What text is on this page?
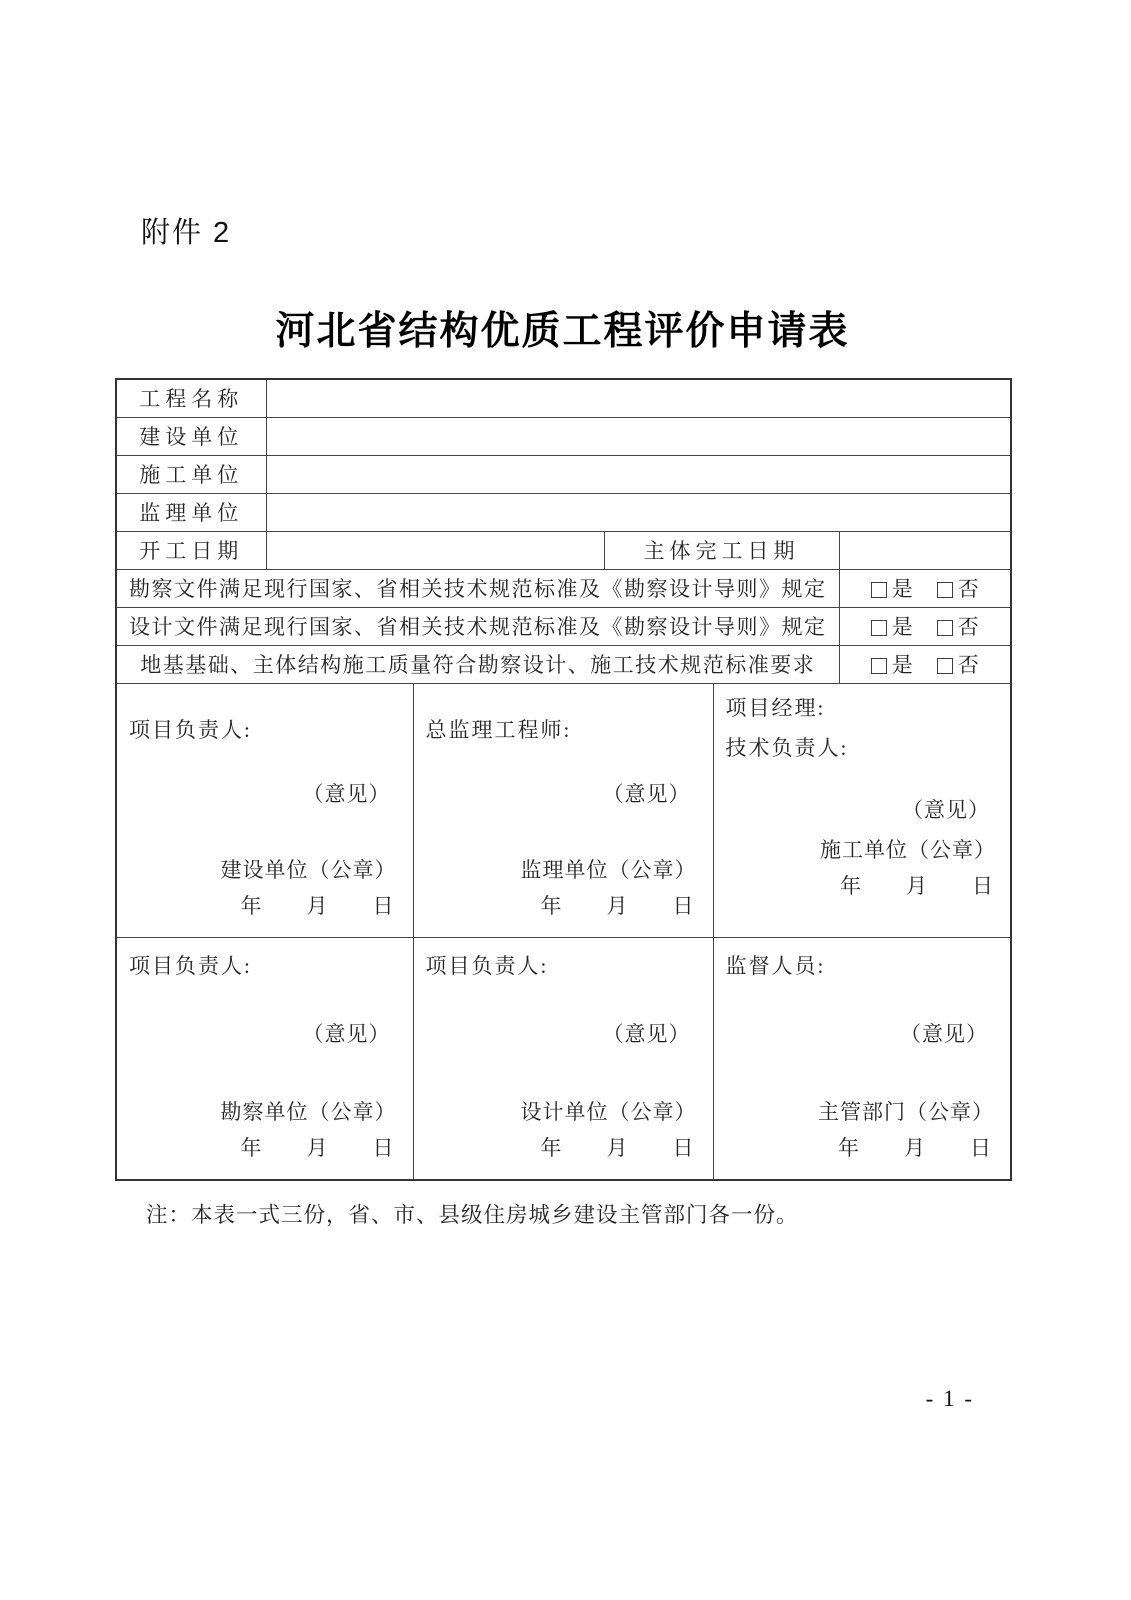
附件 2
河北省结构优质工程评价申请表
工程名称					
建设单位					
施工单位					
监理单位					
开工日期			主体完工日期		
勘察文件满足现行国家、省相关技术规范标准及《勘察设计导则》规定					是 否
设计文件满足现行国家、省相关技术规范标准及《勘察设计导则》规定					是 否
地基基础、主体结构施工质量符合勘察设计、施工技术规范标准要求					是 否

项目负责人:
（意见）
建设单位（公章）
年　　月　　日

总监理工程师:
（意见）
监理单位（公章）
年　　月　　日

项目经理:
技术负责人:
（意见）
施工单位（公章）
年　　月　　日

项目负责人:
（意见）
勘察单位（公章）
年　　月　　日

项目负责人:
（意见）
设计单位（公章）
年　　月　　日

监督人员:
（意见）
主管部门（公章）
年　　月　　日
注：本表一式三份，省、市、县级住房城乡建设主管部门各一份。
- 1 -
